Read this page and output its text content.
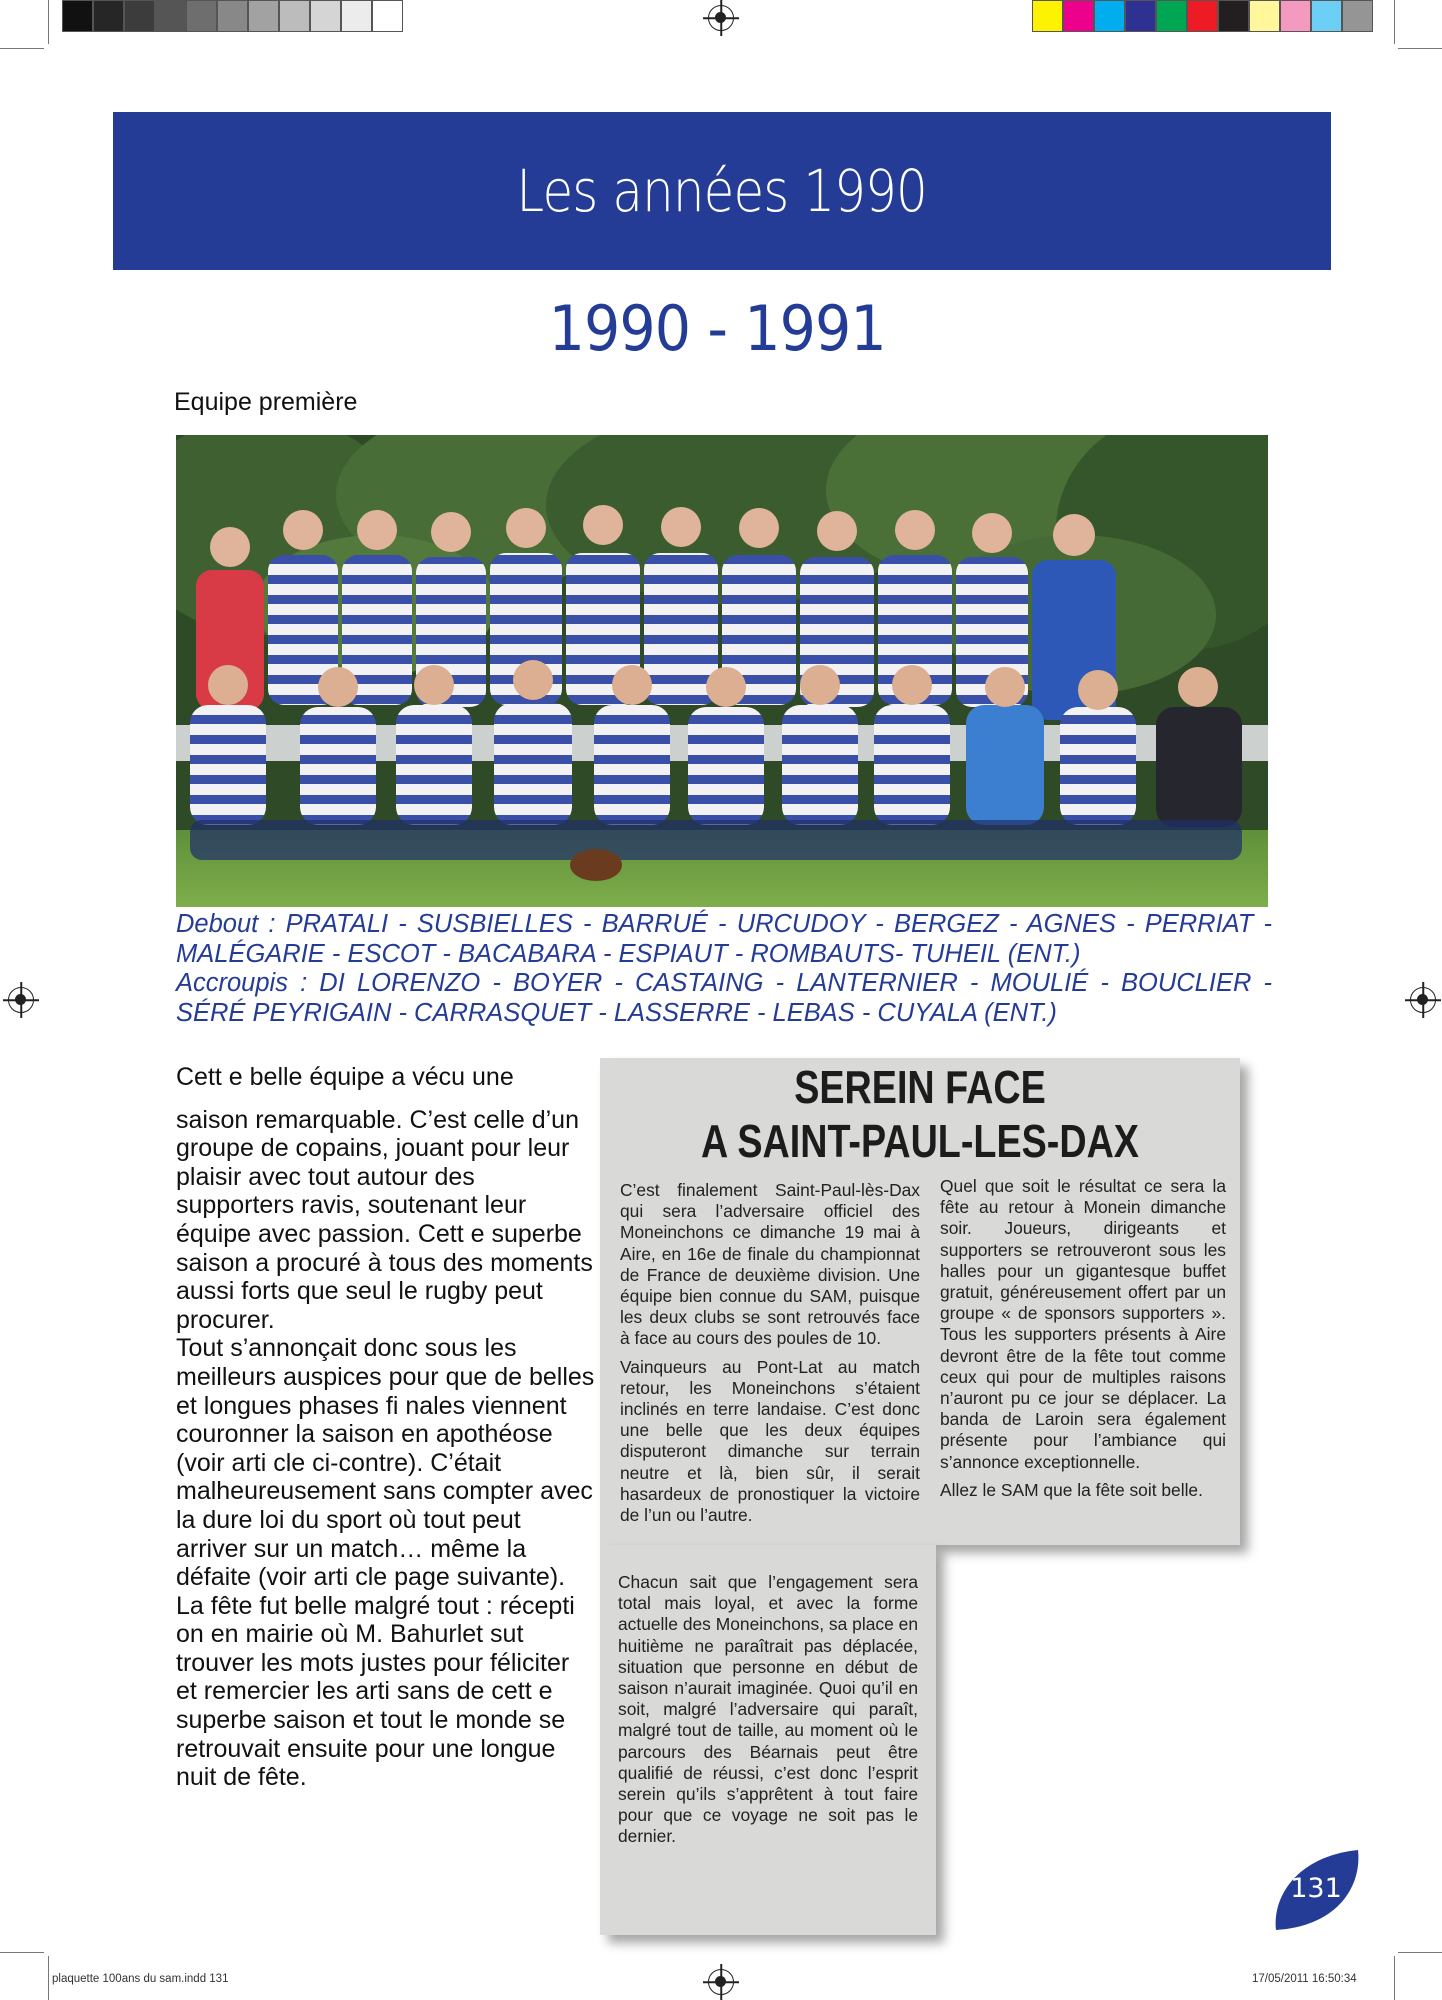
Les années 1990
1990 - 1991
Equipe première

Debout : PRATALI - SUSBIELLES - BARRUÉ - URCUDOY - BERGEZ - AGNES - PERRIAT - MALÉGARIE - ESCOT - BACABARA - ESPIAUT - ROMBAUTS- TUHEIL (ENT.)

Accroupis : DI LORENZO - BOYER - CASTAING - LANTERNIER - MOULIÉ - BOUCLIER - SÉRÉ PEYRIGAIN - CARRASQUET - LASSERRE - LEBAS - CUYALA (ENT.)

Cett e belle équipe a vécu une

saison remarquable. C’est celle d’un groupe de copains, jouant pour leur plaisir avec tout autour des supporters ravis, soutenant leur équipe avec passion. Cett e superbe saison a procuré à tous des moments aussi forts que seul le rugby peut procurer.

Tout s’annonçait donc sous les meilleurs auspices pour que de belles et longues phases fi nales viennent couronner la saison en apothéose (voir arti cle ci-contre). C’était malheureusement sans compter avec la dure loi du sport où tout peut arriver sur un match… même la défaite (voir arti cle page suivante).

La fête fut belle malgré tout : récepti on en mairie où M. Bahurlet sut trouver les mots justes pour féliciter et remercier les arti sans de cett e superbe saison et tout le monde se retrouvait ensuite pour une longue nuit de fête.

SEREIN FACE
A SAINT-PAUL-LES-DAX

C’est finalement Saint-Paul-lès-Dax qui sera l’adversaire officiel des Moneinchons ce dimanche 19 mai à Aire, en 16e de finale du championnat de France de deuxième division. Une équipe bien connue du SAM, puisque les deux clubs se sont retrouvés face à face au cours des poules de 10.

Vainqueurs au Pont-Lat au match retour, les Moneinchons s’étaient inclinés en terre landaise. C’est donc une belle que les deux équipes disputeront dimanche sur terrain neutre et là, bien sûr, il serait hasardeux de pronostiquer la victoire de l’un ou l’autre.

Quel que soit le résultat ce sera la fête au retour à Monein dimanche soir. Joueurs, dirigeants et supporters se retrouveront sous les halles pour un gigantesque buffet gratuit, généreusement offert par un groupe « de sponsors supporters ». Tous les supporters présents à Aire devront être de la fête tout comme ceux qui pour de multiples raisons n’auront pu ce jour se déplacer. La banda de Laroin sera également présente pour l’ambiance qui s’annonce exceptionnelle.

Allez le SAM que la fête soit belle.

Chacun sait que l’engagement sera total mais loyal, et avec la forme actuelle des Moneinchons, sa place en huitième ne paraîtrait pas déplacée, situation que personne en début de saison n’aurait imaginée. Quoi qu’il en soit, malgré l’adversaire qui paraît, malgré tout de taille, au moment où le parcours des Béarnais peut être qualifié de réussi, c’est donc l’esprit serein qu’ils s’apprêtent à tout faire pour que ce voyage ne soit pas le dernier.

131
plaquette 100ans du sam.indd 131	17/05/2011 16:50:34
